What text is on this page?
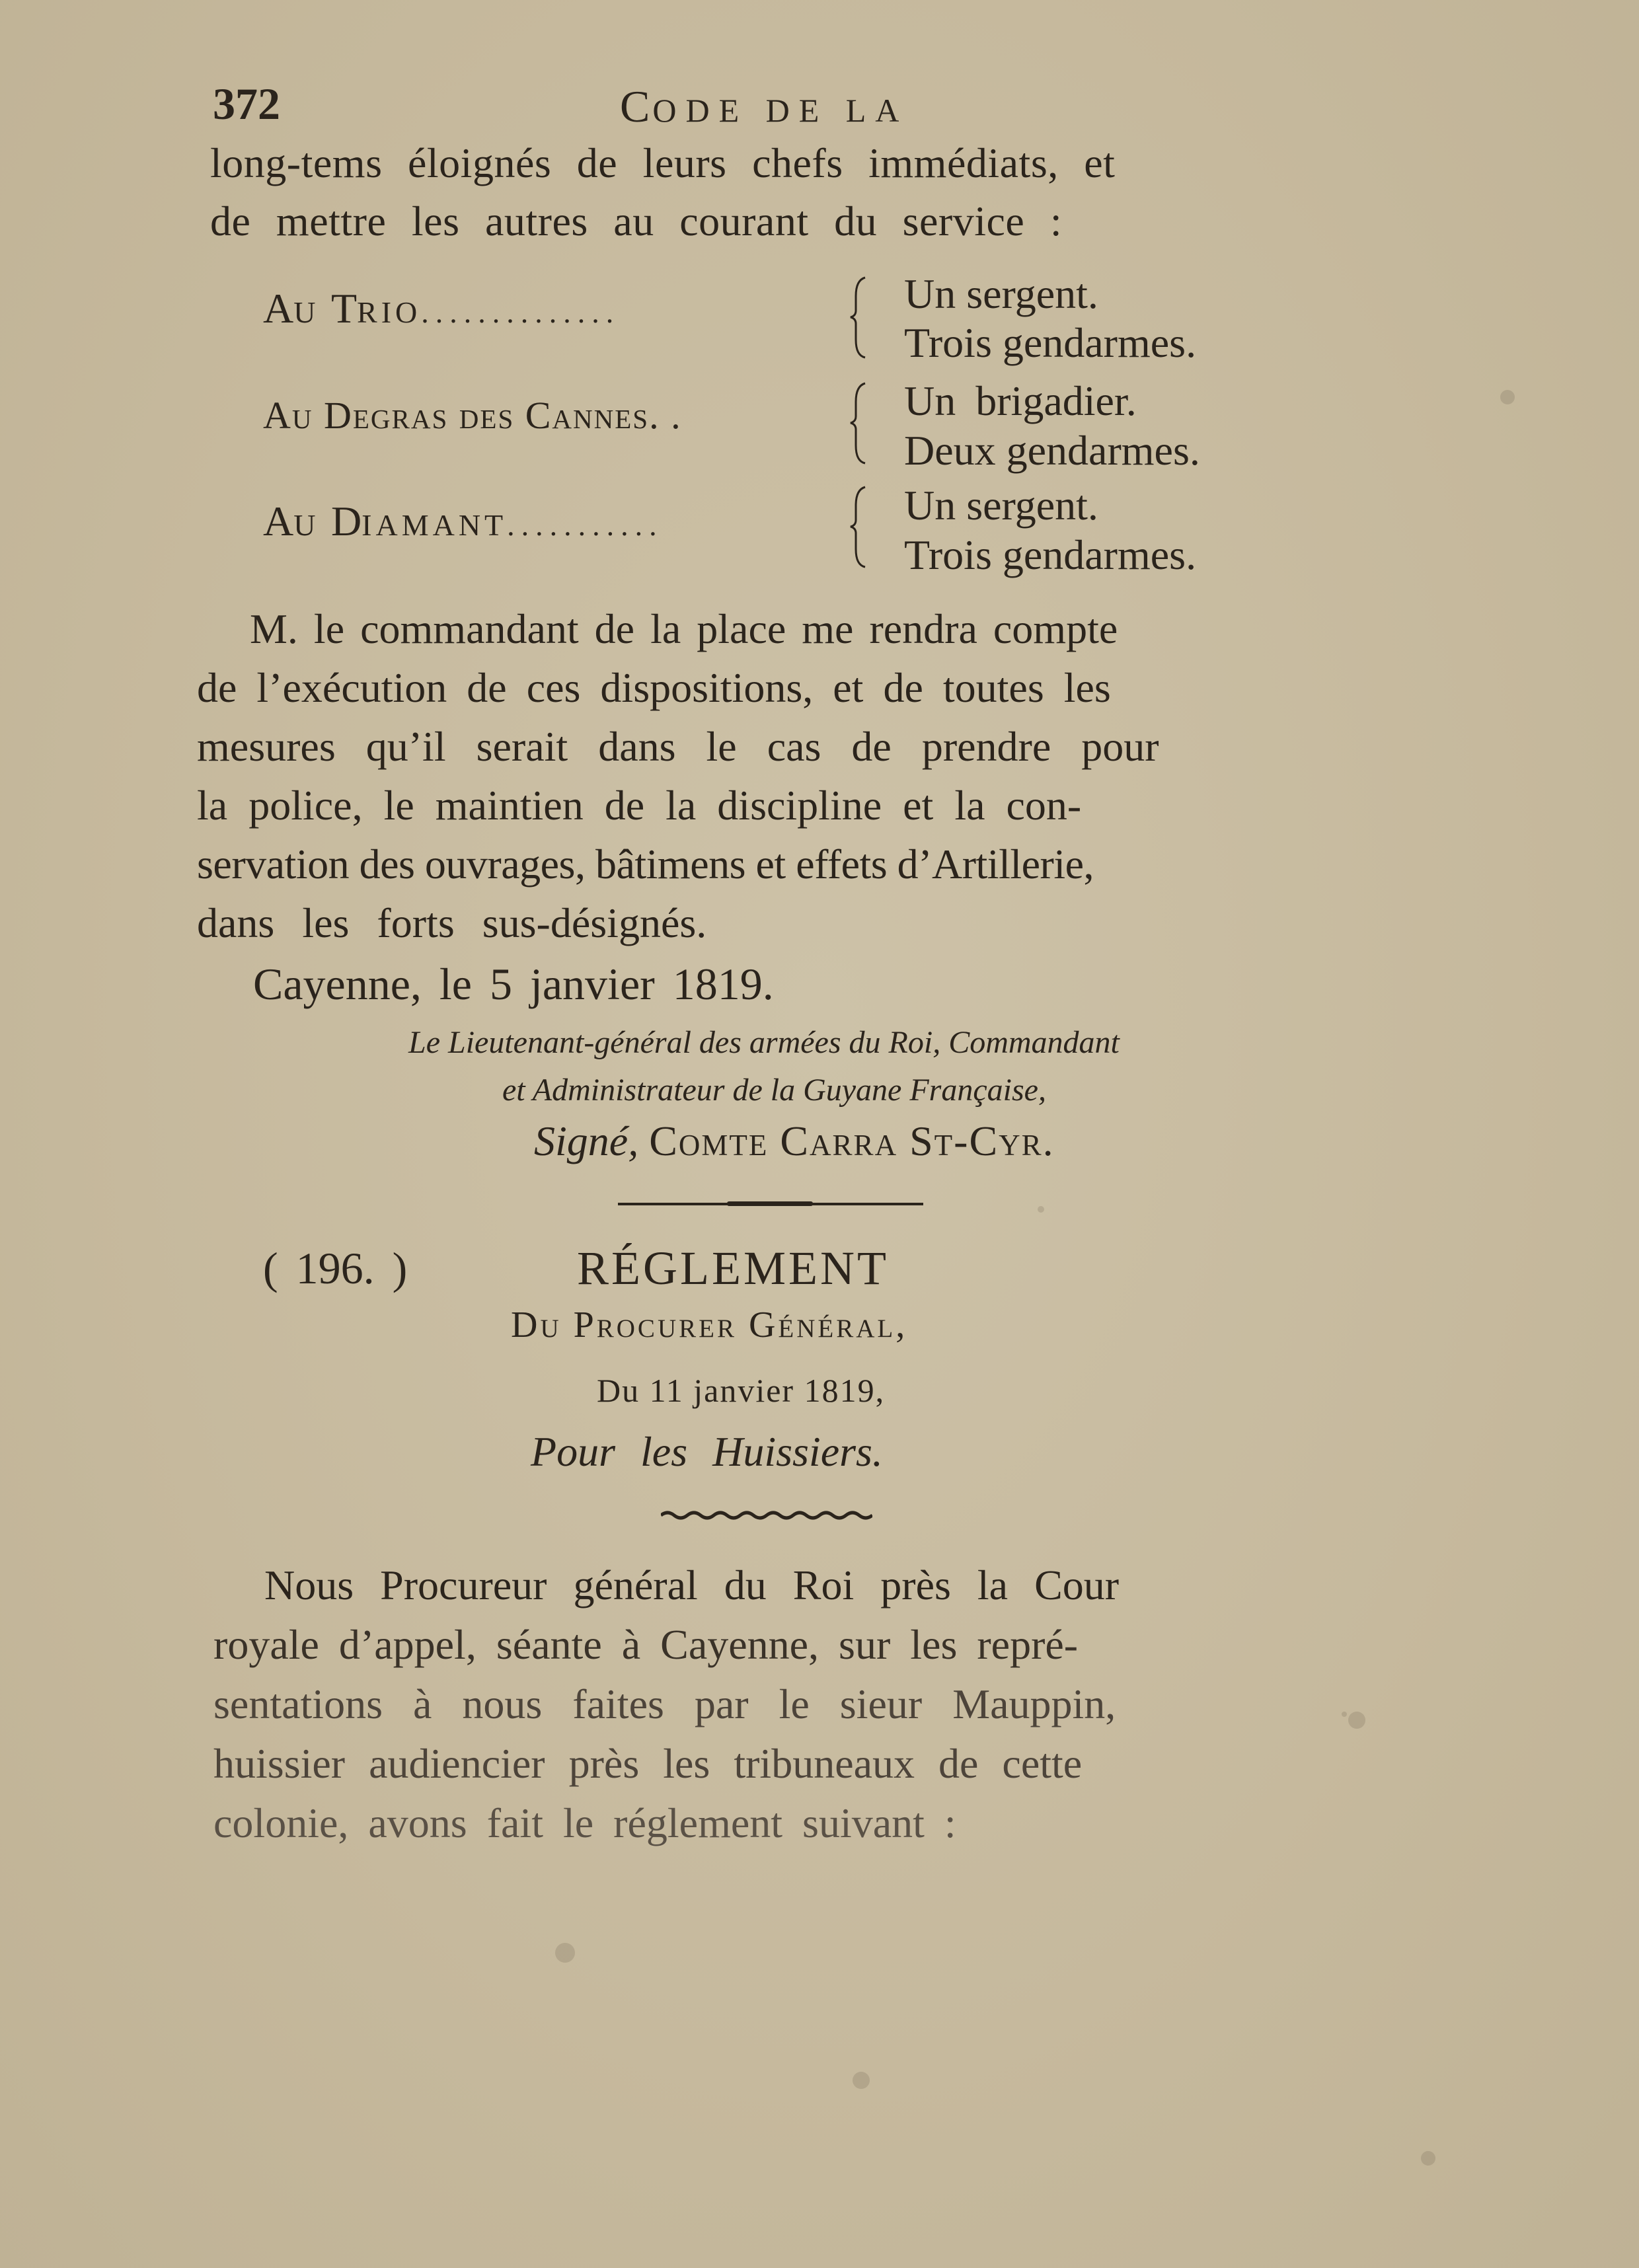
372	CODE DE LA
long-tems éloignés de leurs chefs immédiats, et
de mettre les autres au courant du service :
AU TRIO..............	Un sergent.
Trois gendarmes.
Au Degras des Cannes. .	Un brigadier.
Deux gendarmes.
AU DIAMANT...........	Un sergent.
Trois gendarmes.
M. le commandant de la place me rendra compte
de l’exécution de ces dispositions, et de toutes les
mesures qu’il serait dans le cas de prendre pour
la police, le maintien de la discipline et la con-
servation des ouvrages, bâtimens et effets d’Artillerie,
dans les forts sus-désignés.
Cayenne, le 5 janvier 1819.
Le Lieutenant-général des armées du Roi, Commandant
et Administrateur de la Guyane Française,
Signé, Comte Carra St-Cyr.
( 196. )	RÉGLEMENT
Du Procurer Général,
Du 11 janvier 1819,
Pour les Huissiers.
Nous Procureur général du Roi près la Cour
royale d’appel, séante à Cayenne, sur les repré-
sentations à nous faites par le sieur Mauppin,
huissier audiencier près les tribuneaux de cette
colonie, avons fait le réglement suivant :
